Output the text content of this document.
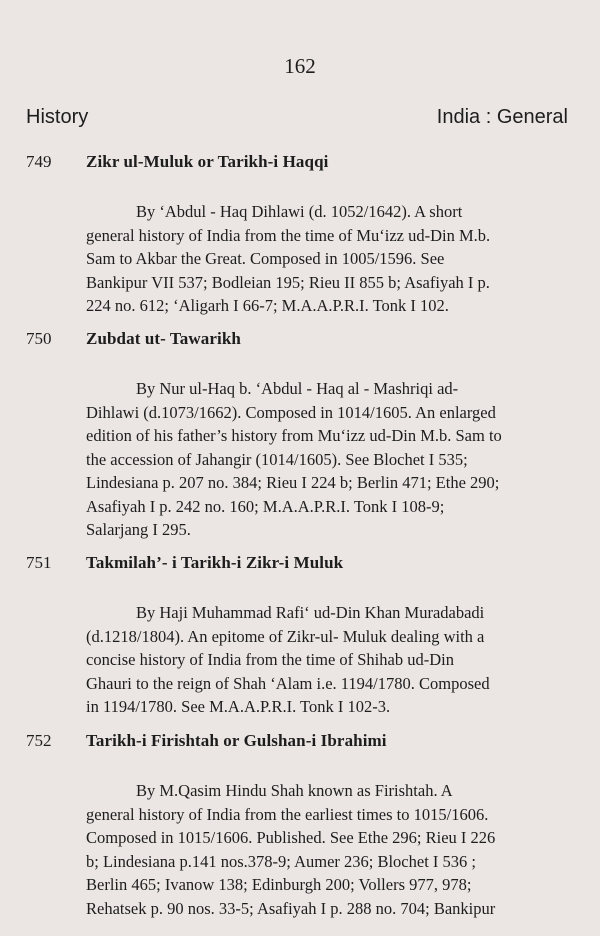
162
History	India : General
749	Zikr ul-Muluk or Tarikh-i Haqqi
By ‘Abdul - Haq Dihlawi (d. 1052/1642). A short
general history of India from the time of Mu‘izz ud-Din M.b.
Sam to Akbar the Great. Composed in 1005/1596. See
Bankipur VII 537; Bodleian 195; Rieu II 855 b; Asafiyah I p.
224 no. 612; ‘Aligarh I 66-7; M.A.A.P.R.I. Tonk I 102.
750	Zubdat ut- Tawarikh
By Nur ul-Haq b. ‘Abdul - Haq al - Mashriqi ad-
Dihlawi (d.1073/1662). Composed in 1014/1605. An enlarged
edition of his father’s history from Mu‘izz ud-Din M.b. Sam to
the accession of Jahangir (1014/1605). See Blochet I 535;
Lindesiana p. 207 no. 384; Rieu I 224 b; Berlin 471; Ethe 290;
Asafiyah I p. 242 no. 160; M.A.A.P.R.I. Tonk I 108-9;
Salarjang I 295.
751	Takmilah’- i Tarikh-i Zikr-i Muluk
By Haji Muhammad Rafi‘ ud-Din Khan Muradabadi
(d.1218/1804). An epitome of Zikr-ul- Muluk dealing with a
concise history of India from the time of Shihab ud-Din
Ghauri to the reign of Shah ‘Alam i.e. 1194/1780. Composed
in 1194/1780. See M.A.A.P.R.I. Tonk I 102-3.
752	Tarikh-i Firishtah or Gulshan-i Ibrahimi
By M.Qasim Hindu Shah known as Firishtah. A
general history of India from the earliest times to 1015/1606.
Composed in 1015/1606. Published. See Ethe 296; Rieu I 226
b; Lindesiana p.141 nos.378-9; Aumer 236; Blochet I 536 ;
Berlin 465; Ivanow 138; Edinburgh 200; Vollers 977, 978;
Rehatsek p. 90 nos. 33-5; Asafiyah I p. 288 no. 704; Bankipur
